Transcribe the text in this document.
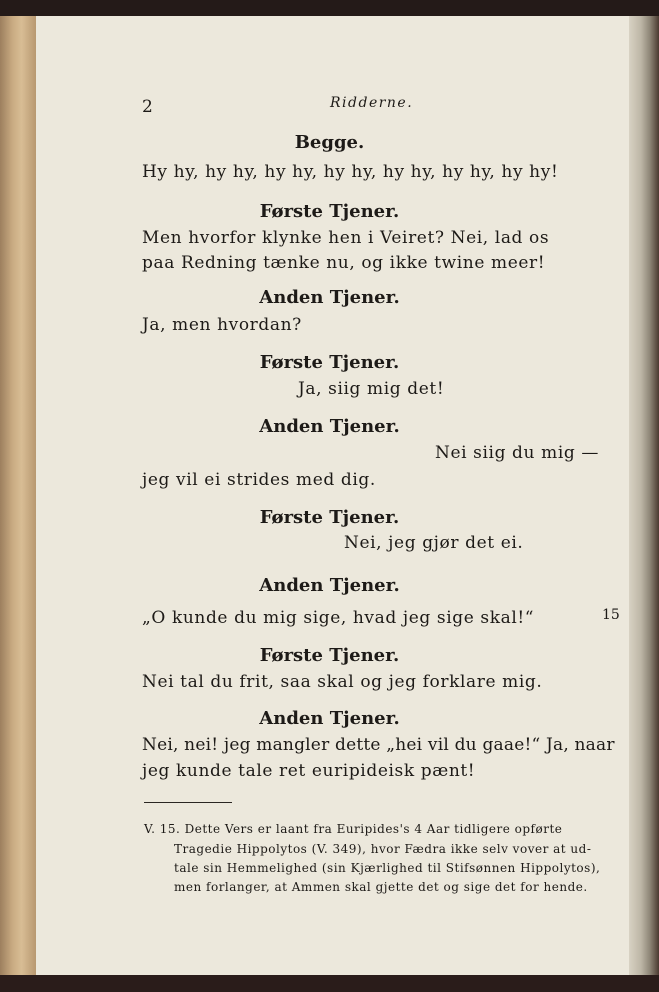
2	Ridderne.
Begge.
Hy hy, hy hy, hy hy, hy hy, hy hy, hy hy, hy hy!
Første Tjener.
Men hvorfor klynke hen i Veiret? Nei, lad os
paa Redning tænke nu, og ikke twine meer!
Anden Tjener.
Ja, men hvordan?
Første Tjener.
Ja, siig mig det!
Anden Tjener.
Nei siig du mig —
jeg vil ei strides med dig.
Første Tjener.
Nei, jeg gjør det ei.
Anden Tjener.
„O kunde du mig sige, hvad jeg sige skal!“	15
Første Tjener.
Nei tal du frit, saa skal og jeg forklare mig.
Anden Tjener.
Nei, nei! jeg mangler dette „hei vil du gaae!“ Ja, naar
jeg kunde tale ret euripideisk pænt!
V. 15. Dette Vers er laant fra Euripides's 4 Aar tidligere opførte
Tragedie Hippolytos (V. 349), hvor Fædra ikke selv vover at ud-
tale sin Hemmelighed (sin Kjærlighed til Stifsønnen Hippolytos),
men forlanger, at Ammen skal gjette det og sige det for hende.
